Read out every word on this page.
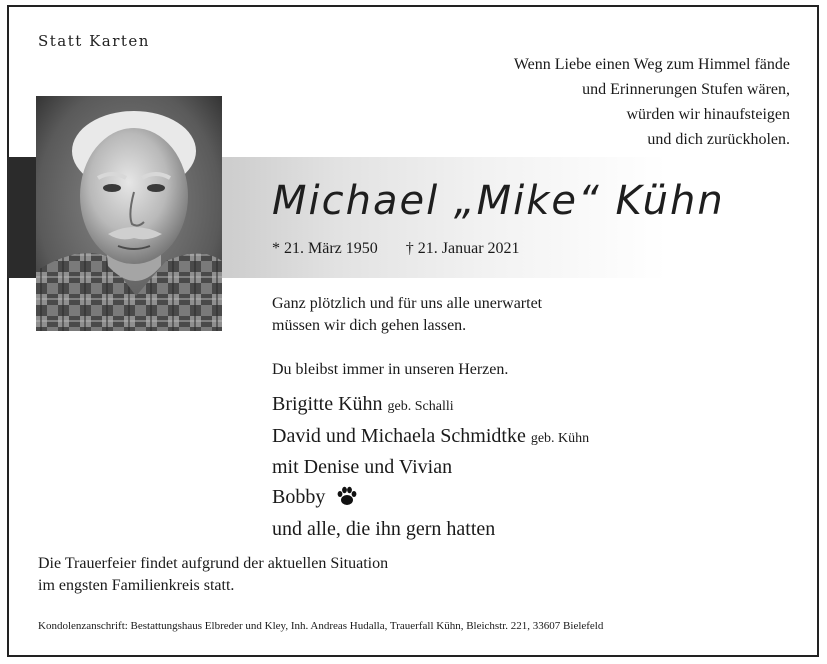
Statt Karten
Wenn Liebe einen Weg zum Himmel fände
und Erinnerungen Stufen wären,
würden wir hinaufsteigen
und dich zurückholen.
Michael „Mike“ Kühn
* 21. März 1950 † 21. Januar 2021
Ganz plötzlich und für uns alle unerwartet
müssen wir dich gehen lassen.
Du bleibst immer in unseren Herzen.
Brigitte Kühn geb. Schalli
David und Michaela Schmidtke geb. Kühn
mit Denise und Vivian
Bobby
und alle, die ihn gern hatten
Die Trauerfeier findet aufgrund der aktuellen Situation
im engsten Familienkreis statt.
Kondolenzanschrift: Bestattungshaus Elbreder und Kley, Inh. Andreas Hudalla, Trauerfall Kühn, Bleichstr. 221, 33607 Bielefeld
